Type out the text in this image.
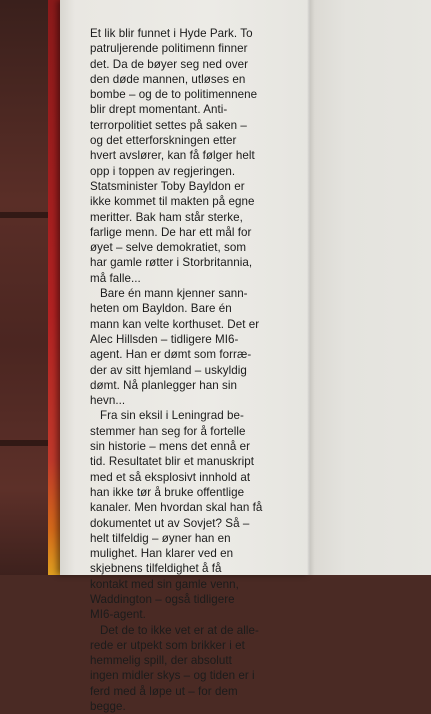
Et lik blir funnet i Hyde Park. To
patruljerende politimenn finner
det. Da de bøyer seg ned over
den døde mannen, utløses en
bombe – og de to politimennene
blir drept momentant. Anti-
terrorpolitiet settes på saken –
og det etterforskningen etter
hvert avslører, kan få følger helt
opp i toppen av regjeringen.
Statsminister Toby Bayldon er
ikke kommet til makten på egne
meritter. Bak ham står sterke,
farlige menn. De har ett mål for
øyet – selve demokratiet, som
har gamle røtter i Storbritannia,
må falle...

Bare én mann kjenner sann-
heten om Bayldon. Bare én
mann kan velte korthuset. Det er
Alec Hillsden – tidligere MI6-
agent. Han er dømt som forræ-
der av sitt hjemland – uskyldig
dømt. Nå planlegger han sin
hevn...

Fra sin eksil i Leningrad be-
stemmer han seg for å fortelle
sin historie – mens det ennå er
tid. Resultatet blir et manuskript
med et så eksplosivt innhold at
han ikke tør å bruke offentlige
kanaler. Men hvordan skal han få
dokumentet ut av Sovjet? Så –
helt tilfeldig – øyner han en
mulighet. Han klarer ved en
skjebnens tilfeldighet å få
kontakt med sin gamle venn,
Waddington – også tidligere
MI6-agent.

Det de to ikke vet er at de alle-
rede er utpekt som brikker i et
hemmelig spill, der absolutt
ingen midler skys – og tiden er i
ferd med å løpe ut – for dem
begge.
